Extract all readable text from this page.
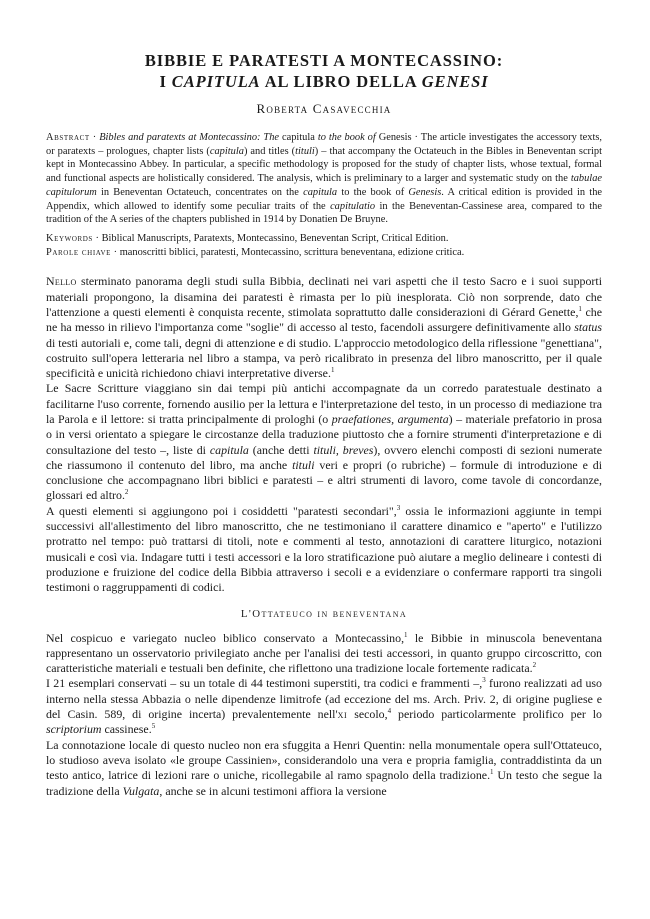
BIBBIE E PARATESTI A MONTECASSINO:
I CAPITULA AL LIBRO DELLA GENESI
Roberta Casavecchia

Abstract · Bibles and paratexts at Montecassino: The capitula to the book of Genesis · The article investigates the accessory texts, or paratexts – prologues, chapter lists (capitula) and titles (tituli) – that accompany the Octateuch in the Bibles in Beneventan script kept in Montecassino Abbey. In particular, a specific methodology is proposed for the study of chapter lists, whose textual, formal and functional aspects are holistically considered. The analysis, which is preliminary to a larger and systematic study on the tabulae capitulorum in Beneventan Octateuch, concentrates on the capitula to the book of Genesis. A critical edition is provided in the Appendix, which allowed to identify some peculiar traits of the capitulatio in the Beneventan-Cassinese area, compared to the tradition of the A series of the chapters published in 1914 by Donatien De Bruyne.

Keywords · Biblical Manuscripts, Paratexts, Montecassino, Beneventan Script, Critical Edition.

Parole chiave · manoscritti biblici, paratesti, Montecassino, scrittura beneventana, edizione critica.

Nello sterminato panorama degli studi sulla Bibbia, declinati nei vari aspetti che il testo Sacro e i suoi supporti materiali propongono, la disamina dei paratesti è rimasta per lo più inesplorata. Ciò non sorprende, dato che l'attenzione a questi elementi è conquista recente, stimolata soprattutto dalle considerazioni di Gérard Genette,$^1$ che ne ha messo in rilievo l'importanza come "soglie" di accesso al testo, facendoli assurgere definitivamente allo status di testi autoriali e, come tali, degni di attenzione e di studio. L'approccio metodologico della riflessione "genettiana", costruito sull'opera letteraria nel libro a stampa, va però ricalibrato in presenza del libro manoscritto, per il quale specificità e unicità richiedono chiavi interpretative diverse.$^1$

Le Sacre Scritture viaggiano sin dai tempi più antichi accompagnate da un corredo paratestuale destinato a facilitarne l'uso corrente, fornendo ausilio per la lettura e l'interpretazione del testo, in un processo di mediazione tra la Parola e il lettore: si tratta principalmente di prologhi (o praefationes, argumenta) – materiale prefatorio in prosa o in versi orientato a spiegare le circostanze della traduzione piuttosto che a fornire strumenti d'interpretazione e di consultazione del testo –, liste di capitula (anche detti tituli, breves), ovvero elenchi composti di sezioni numerate che riassumono il contenuto del libro, ma anche tituli veri e propri (o rubriche) – formule di introduzione e di conclusione che accompagnano libri biblici e paratesti – e altri strumenti di lavoro, come tavole di concordanze, glossari ed altro.$^2$

A questi elementi si aggiungono poi i cosiddetti "paratesti secondari",$^3$ ossia le informazioni aggiunte in tempi successivi all'allestimento del libro manoscritto, che ne testimoniano il carattere dinamico e "aperto" e l'utilizzo protratto nel tempo: può trattarsi di titoli, note e commenti al testo, annotazioni di carattere liturgico, notazioni musicali e così via. Indagare tutti i testi accessori e la loro stratificazione può aiutare a meglio delineare i contesti di produzione e fruizione del codice della Bibbia attraverso i secoli e a evidenziare o confermare rapporti tra singoli testimoni o raggruppamenti di codici.

L'Ottateuco in beneventana

Nel cospicuo e variegato nucleo biblico conservato a Montecassino,$^1$ le Bibbie in minuscola beneventana rappresentano un osservatorio privilegiato anche per l'analisi dei testi accessori, in quanto gruppo circoscritto, con caratteristiche materiali e testuali ben definite, che riflettono una tradizione locale fortemente radicata.$^2$

I 21 esemplari conservati – su un totale di 44 testimoni superstiti, tra codici e frammenti –,$^3$ furono realizzati ad uso interno nella stessa Abbazia o nelle dipendenze limitrofe (ad eccezione del ms. Arch. Priv. 2, di origine pugliese e del Casin. 589, di origine incerta) prevalentemente nell'xi secolo,$^4$ periodo particolarmente prolifico per lo scriptorium cassinese.$^5$

La connotazione locale di questo nucleo non era sfuggita a Henri Quentin: nella monumentale opera sull'Ottateuco, lo studioso aveva isolato «le groupe Cassinien», considerandolo una vera e propria famiglia, contraddistinta da un testo antico, latrice di lezioni rare o uniche, ricollegabile al ramo spagnolo della tradizione.$^1$ Un testo che segue la tradizione della Vulgata, anche se in alcuni testimoni affiora la versione
